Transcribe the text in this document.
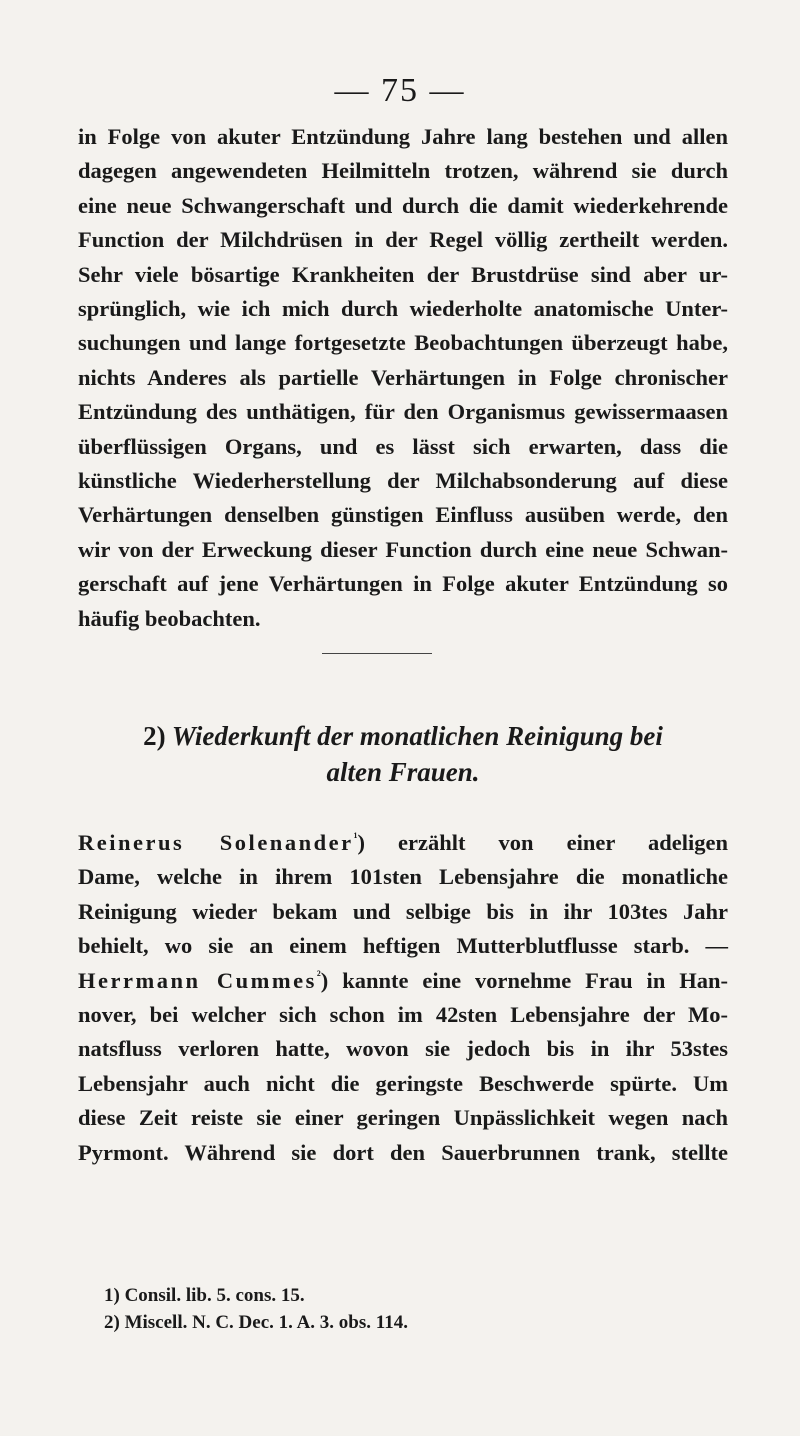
— 75 —
in Folge von akuter Entzündung Jahre lang bestehen und allen
dagegen angewendeten Heilmitteln trotzen, während sie durch
eine neue Schwangerschaft und durch die damit wiederkehrende
Function der Milchdrüsen in der Regel völlig zertheilt werden.
Sehr viele bösartige Krankheiten der Brustdrüse sind aber ur-
sprünglich, wie ich mich durch wiederholte anatomische Unter-
suchungen und lange fortgesetzte Beobachtungen überzeugt habe,
nichts Anderes als partielle Verhärtungen in Folge chronischer
Entzündung des unthätigen, für den Organismus gewissermaasen
überflüssigen Organs, und es lässt sich erwarten, dass die
künstliche Wiederherstellung der Milchabsonderung auf diese
Verhärtungen denselben günstigen Einfluss ausüben werde, den
wir von der Erweckung dieser Function durch eine neue Schwan-
gerschaft auf jene Verhärtungen in Folge akuter Entzündung so
häufig beobachten.
2) Wiederkunft der monatlichen Reinigung bei
alten Frauen.
Reinerus Solenander$^{^1}$) erzählt von einer adeligen
Dame, welche in ihrem 101sten Lebensjahre die monatliche
Reinigung wieder bekam und selbige bis in ihr 103tes Jahr
behielt, wo sie an einem heftigen Mutterblutflusse starb. —
Herrmann Cummes$^{^2}$) kannte eine vornehme Frau in Han-
nover, bei welcher sich schon im 42sten Lebensjahre der Mo-
natsfluss verloren hatte, wovon sie jedoch bis in ihr 53stes
Lebensjahr auch nicht die geringste Beschwerde spürte. Um
diese Zeit reiste sie einer geringen Unpässlichkeit wegen nach
Pyrmont. Während sie dort den Sauerbrunnen trank, stellte
1) Consil. lib. 5. cons. 15.
2) Miscell. N. C. Dec. 1. A. 3. obs. 114.
